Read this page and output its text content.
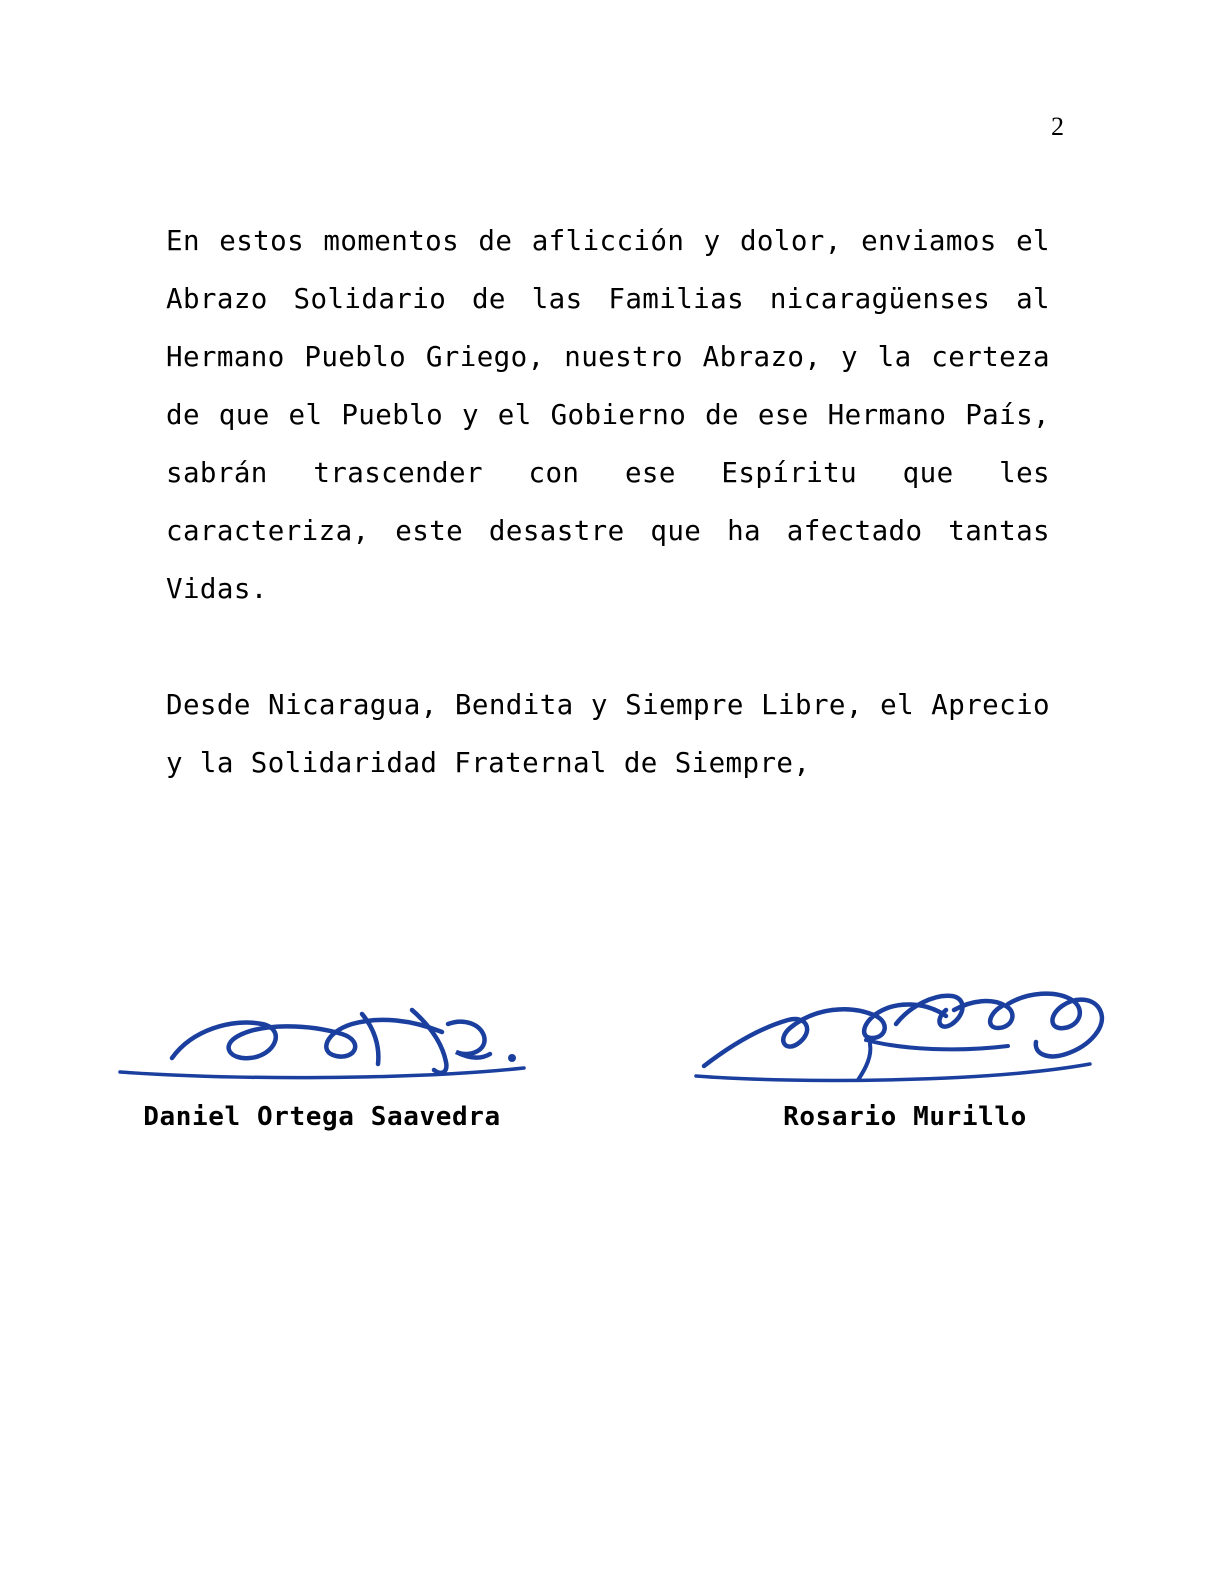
2

En estos momentos de aflicción y dolor, enviamos el Abrazo Solidario de las Familias nicaragüenses al Hermano Pueblo Griego, nuestro Abrazo, y la certeza de que el Pueblo y el Gobierno de ese Hermano País, sabrán trascender con ese Espíritu que les caracteriza, este desastre que ha afectado tantas Vidas.

Desde Nicaragua, Bendita y Siempre Libre, el Aprecio y la Solidaridad Fraternal de Siempre,

Daniel Ortega Saavedra	Rosario Murillo
